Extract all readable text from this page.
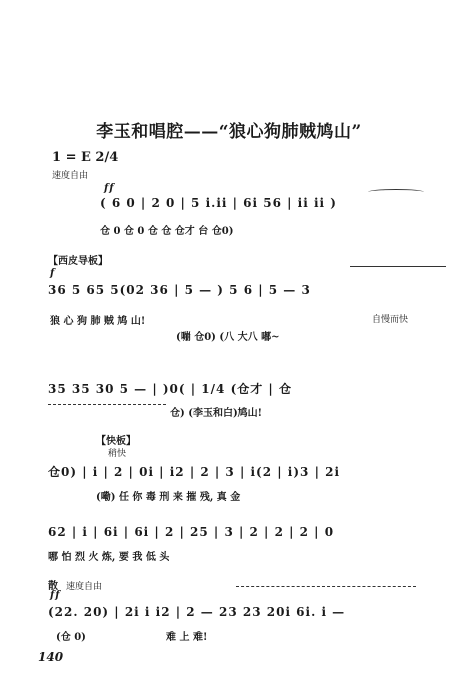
李玉和唱腔——“狼心狗肺贼鸠山”
1 = E 2/4
速度自由
ff
( 6 0 | 2 0 | 5 i.ii | 6i 56 | ii ii )
仓 0 仓 0 仓 仓 仓才 台 仓0)
【西皮导板】
f
36 5 65 5(02 36 | 5 — ) 5 6 | 5 — 3
狼 心 狗 肺 贼 鸠 山!	自慢而快
(嘣 仓0) (八 大八 嘟~
35 35 30 5 — | )0( | 1/4 (仓才 | 仓
仓) (李玉和白)鸠山!
【快板】
稍快
仓0) | i | 2 | 0i | i2 | 2 | 3 | i(2 | i)3 | 2i
(嘞) 任 你 毒 刑 来 摧 残, 真 金
62 | i | 6i | 6i | 2 | 25 | 3 | 2 | 2 | 2 | 0
哪 怕 烈 火 炼, 要 我 低 头
散 速度自由
ff
(22. 20) | 2i i i2 | 2 — 23 23 20i 6i. i —
(仓 0)	难 上 难!
140
